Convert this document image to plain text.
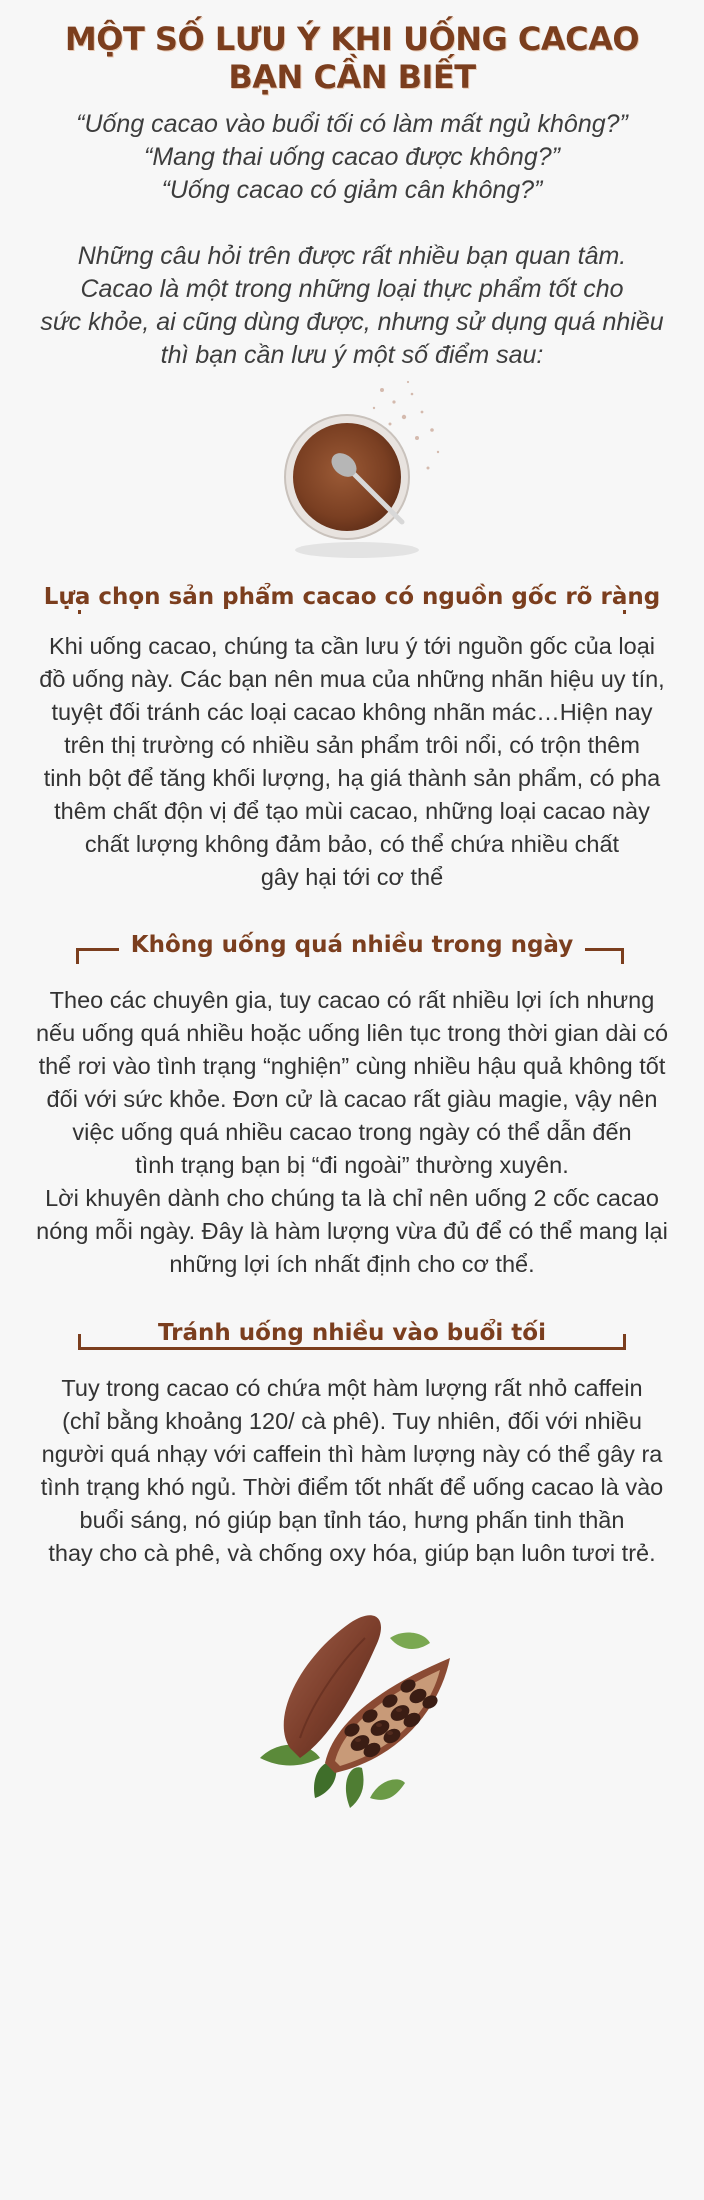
MỘT SỐ LƯU Ý KHI UỐNG CACAO
BẠN CẦN BIẾT

“Uống cacao vào buổi tối có làm mất ngủ không?”

“Mang thai uống cacao được không?”

“Uống cacao có giảm cân không?”

Những câu hỏi trên được rất nhiều bạn quan tâm.

Cacao là một trong những loại thực phẩm tốt cho

sức khỏe, ai cũng dùng được, nhưng sử dụng quá nhiều

thì bạn cần lưu ý một số điểm sau:

Lựa chọn sản phẩm cacao có nguồn gốc rõ ràng

Khi uống cacao, chúng ta cần lưu ý tới nguồn gốc của loại

đồ uống này. Các bạn nên mua của những nhãn hiệu uy tín,

tuyệt đối tránh các loại cacao không nhãn mác…Hiện nay

trên thị trường có nhiều sản phẩm trôi nổi, có trộn thêm

tinh bột để tăng khối lượng, hạ giá thành sản phẩm, có pha

thêm chất độn vị để tạo mùi cacao, những loại cacao này

chất lượng không đảm bảo, có thể chứa nhiều chất

gây hại tới cơ thể

Không uống quá nhiều trong ngày

Theo các chuyên gia, tuy cacao có rất nhiều lợi ích nhưng

nếu uống quá nhiều hoặc uống liên tục trong thời gian dài có

thể rơi vào tình trạng “nghiện” cùng nhiều hậu quả không tốt

đối với sức khỏe. Đơn cử là cacao rất giàu magie, vậy nên

việc uống quá nhiều cacao trong ngày có thể dẫn đến

tình trạng bạn bị “đi ngoài” thường xuyên.

Lời khuyên dành cho chúng ta là chỉ nên uống 2 cốc cacao

nóng mỗi ngày. Đây là hàm lượng vừa đủ để có thể mang lại

những lợi ích nhất định cho cơ thể.

Tránh uống nhiều vào buổi tối

Tuy trong cacao có chứa một hàm lượng rất nhỏ caffein

(chỉ bằng khoảng 120/ cà phê). Tuy nhiên, đối với nhiều

người quá nhạy với caffein thì hàm lượng này có thể gây ra

tình trạng khó ngủ. Thời điểm tốt nhất để uống cacao là vào

buổi sáng, nó giúp bạn tỉnh táo, hưng phấn tinh thần

thay cho cà phê, và chống oxy hóa, giúp bạn luôn tươi trẻ.
